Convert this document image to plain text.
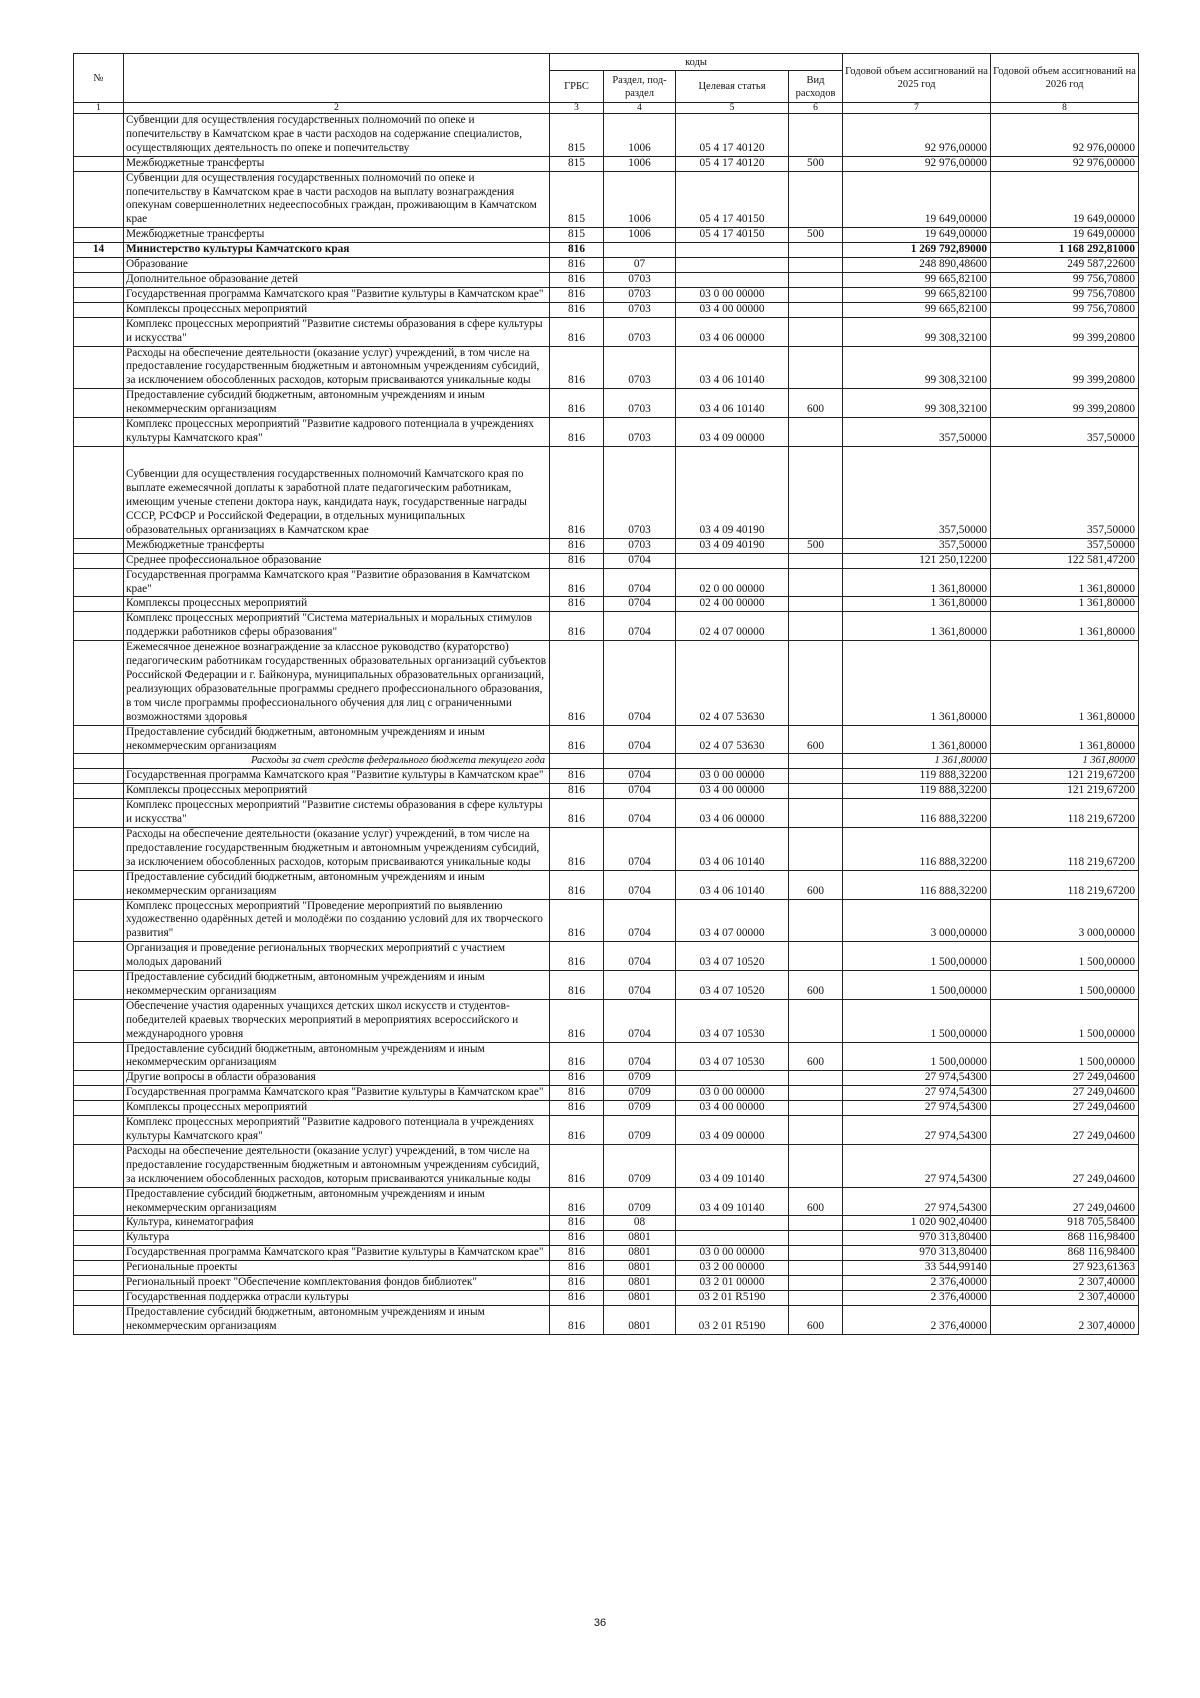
№		коды				Годовой объем ассигнований на 2025 год	Годовой объем ассигнований на 2026 год
		ГРБС	Раздел, под-раздел	Целевая статья	Вид расходов		
1	2	3	4	5	6	7	8
	Субвенции для осуществления государственных полномочий по опеке и попечительству в Камчатском крае в части расходов на содержание специалистов, осуществляющих деятельность по опеке и попечительству	815	1006	05 4 17 40120		92 976,00000	92 976,00000
	Межбюджетные трансферты	815	1006	05 4 17 40120	500	92 976,00000	92 976,00000
	Субвенции для осуществления государственных полномочий по опеке и попечительству в Камчатском крае в части расходов на выплату вознаграждения опекунам совершеннолетних недееспособных граждан, проживающим в Камчатском крае	815	1006	05 4 17 40150		19 649,00000	19 649,00000
	Межбюджетные трансферты	815	1006	05 4 17 40150	500	19 649,00000	19 649,00000
14	Министерство культуры Камчатского края	816				1 269 792,89000	1 168 292,81000
	Образование	816	07			248 890,48600	249 587,22600
	Дополнительное образование детей	816	0703			99 665,82100	99 756,70800
	Государственная программа Камчатского края "Развитие культуры в Камчатском крае"	816	0703	03 0 00 00000		99 665,82100	99 756,70800
	Комплексы процессных мероприятий	816	0703	03 4 00 00000		99 665,82100	99 756,70800
	Комплекс процессных мероприятий "Развитие системы образования в сфере культуры и искусства"	816	0703	03 4 06 00000		99 308,32100	99 399,20800
	Расходы на обеспечение деятельности (оказание услуг) учреждений, в том числе на предоставление государственным бюджетным и автономным учреждениям субсидий, за исключением обособленных расходов, которым присваиваются уникальные коды	816	0703	03 4 06 10140		99 308,32100	99 399,20800
	Предоставление субсидий бюджетным, автономным учреждениям и иным некоммерческим организациям	816	0703	03 4 06 10140	600	99 308,32100	99 399,20800
	Комплекс процессных мероприятий "Развитие кадрового потенциала в учреждениях культуры Камчатского края"	816	0703	03 4 09 00000		357,50000	357,50000
	Субвенции для осуществления государственных полномочий Камчатского края по выплате ежемесячной доплаты к заработной плате педагогическим работникам, имеющим ученые степени доктора наук, кандидата наук, государственные награды СССР, РСФСР и Российской Федерации, в отдельных муниципальных образовательных организациях в Камчатском крае	816	0703	03 4 09 40190		357,50000	357,50000
	Межбюджетные трансферты	816	0703	03 4 09 40190	500	357,50000	357,50000
	Среднее профессиональное образование	816	0704			121 250,12200	122 581,47200
	Государственная программа Камчатского края "Развитие образования в Камчатском крае"	816	0704	02 0 00 00000		1 361,80000	1 361,80000
	Комплексы процессных мероприятий	816	0704	02 4 00 00000		1 361,80000	1 361,80000
	Комплекс процессных мероприятий "Система материальных и моральных стимулов поддержки работников сферы образования"	816	0704	02 4 07 00000		1 361,80000	1 361,80000
	Ежемесячное денежное вознаграждение за классное руководство (кураторство) педагогическим работникам государственных образовательных организаций субъектов Российской Федерации и г. Байконура, муниципальных образовательных организаций, реализующих образовательные программы среднего профессионального образования, в том числе программы профессионального обучения для лиц с ограниченными возможностями здоровья	816	0704	02 4 07 53630		1 361,80000	1 361,80000
	Предоставление субсидий бюджетным, автономным учреждениям и иным некоммерческим организациям	816	0704	02 4 07 53630	600	1 361,80000	1 361,80000
	Расходы за счет средств федерального бюджета текущего года					1 361,80000	1 361,80000
	Государственная программа Камчатского края "Развитие культуры в Камчатском крае"	816	0704	03 0 00 00000		119 888,32200	121 219,67200
	Комплексы процессных мероприятий	816	0704	03 4 00 00000		119 888,32200	121 219,67200
	Комплекс процессных мероприятий "Развитие системы образования в сфере культуры и искусства"	816	0704	03 4 06 00000		116 888,32200	118 219,67200
	Расходы на обеспечение деятельности (оказание услуг) учреждений, в том числе на предоставление государственным бюджетным и автономным учреждениям субсидий, за исключением обособленных расходов, которым присваиваются уникальные коды	816	0704	03 4 06 10140		116 888,32200	118 219,67200
	Предоставление субсидий бюджетным, автономным учреждениям и иным некоммерческим организациям	816	0704	03 4 06 10140	600	116 888,32200	118 219,67200
	Комплекс процессных мероприятий "Проведение мероприятий по выявлению художественно одарённых детей и молодёжи по созданию условий для их творческого развития"	816	0704	03 4 07 00000		3 000,00000	3 000,00000
	Организация и проведение региональных творческих мероприятий с участием молодых дарований	816	0704	03 4 07 10520		1 500,00000	1 500,00000
	Предоставление субсидий бюджетным, автономным учреждениям и иным некоммерческим организациям	816	0704	03 4 07 10520	600	1 500,00000	1 500,00000
	Обеспечение участия одаренных учащихся детских школ искусств и студентов-победителей краевых творческих мероприятий в мероприятиях всероссийского и международного уровня	816	0704	03 4 07 10530		1 500,00000	1 500,00000
	Предоставление субсидий бюджетным, автономным учреждениям и иным некоммерческим организациям	816	0704	03 4 07 10530	600	1 500,00000	1 500,00000
	Другие вопросы в области образования	816	0709			27 974,54300	27 249,04600
	Государственная программа Камчатского края "Развитие культуры в Камчатском крае"	816	0709	03 0 00 00000		27 974,54300	27 249,04600
	Комплексы процессных мероприятий	816	0709	03 4 00 00000		27 974,54300	27 249,04600
	Комплекс процессных мероприятий "Развитие кадрового потенциала в учреждениях культуры Камчатского края"	816	0709	03 4 09 00000		27 974,54300	27 249,04600
	Расходы на обеспечение деятельности (оказание услуг) учреждений, в том числе на предоставление государственным бюджетным и автономным учреждениям субсидий, за исключением обособленных расходов, которым присваиваются уникальные коды	816	0709	03 4 09 10140		27 974,54300	27 249,04600
	Предоставление субсидий бюджетным, автономным учреждениям и иным некоммерческим организациям	816	0709	03 4 09 10140	600	27 974,54300	27 249,04600
	Культура, кинематография	816	08			1 020 902,40400	918 705,58400
	Культура	816	0801			970 313,80400	868 116,98400
	Государственная программа Камчатского края "Развитие культуры в Камчатском крае"	816	0801	03 0 00 00000		970 313,80400	868 116,98400
	Региональные проекты	816	0801	03 2 00 00000		33 544,99140	27 923,61363
	Региональный проект "Обеспечение комплектования фондов библиотек"	816	0801	03 2 01 00000		2 376,40000	2 307,40000
	Государственная поддержка отрасли культуры	816	0801	03 2 01 R5190		2 376,40000	2 307,40000
	Предоставление субсидий бюджетным, автономным учреждениям и иным некоммерческим организациям	816	0801	03 2 01 R5190	600	2 376,40000	2 307,40000
36
